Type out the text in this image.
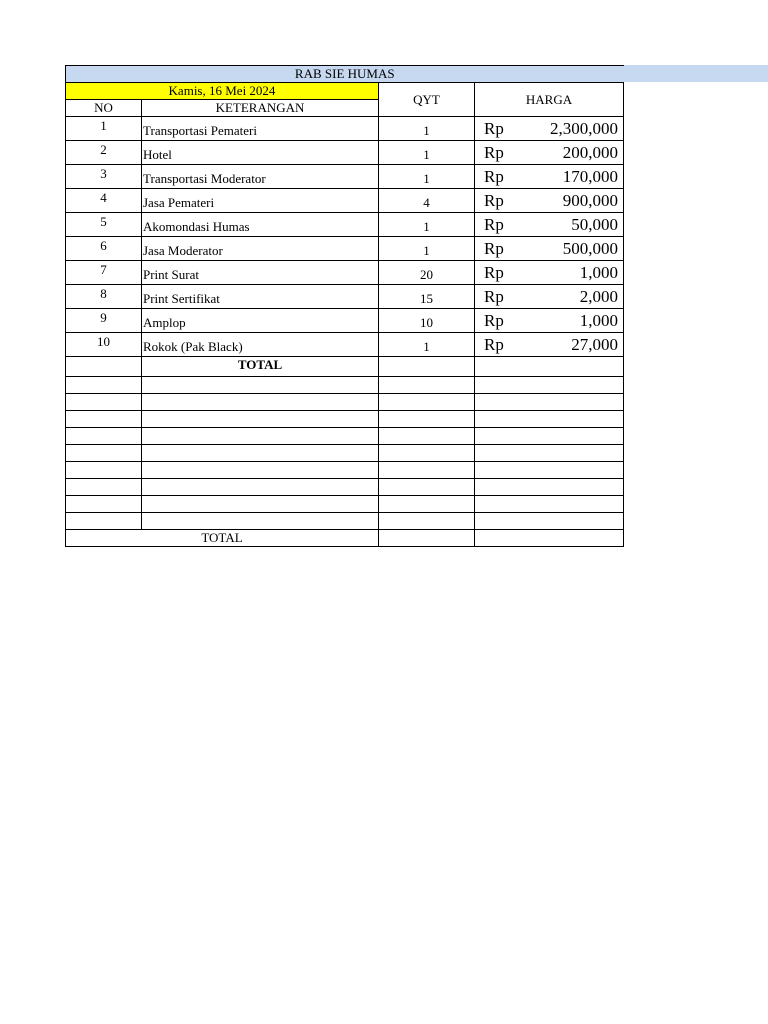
RAB SIE HUMAS			
Kamis, 16 Mei 2024		QYT	HARGA
NO	KETERANGAN		
1	Transportasi Pemateri	1	Rp 2,300,000

2	Hotel	1	Rp 200,000

3	Transportasi Moderator	1	Rp 170,000

4	Jasa Pemateri	4	Rp 900,000

5	Akomondasi Humas	1	Rp 50,000

6	Jasa Moderator	1	Rp 500,000

7	Print Surat	20	Rp 1,000

8	Print Sertifikat	15	Rp 2,000

9	Amplop	10	Rp 1,000

10	Rokok (Pak Black)	1	Rp 27,000

	TOTAL		

TOTAL			
